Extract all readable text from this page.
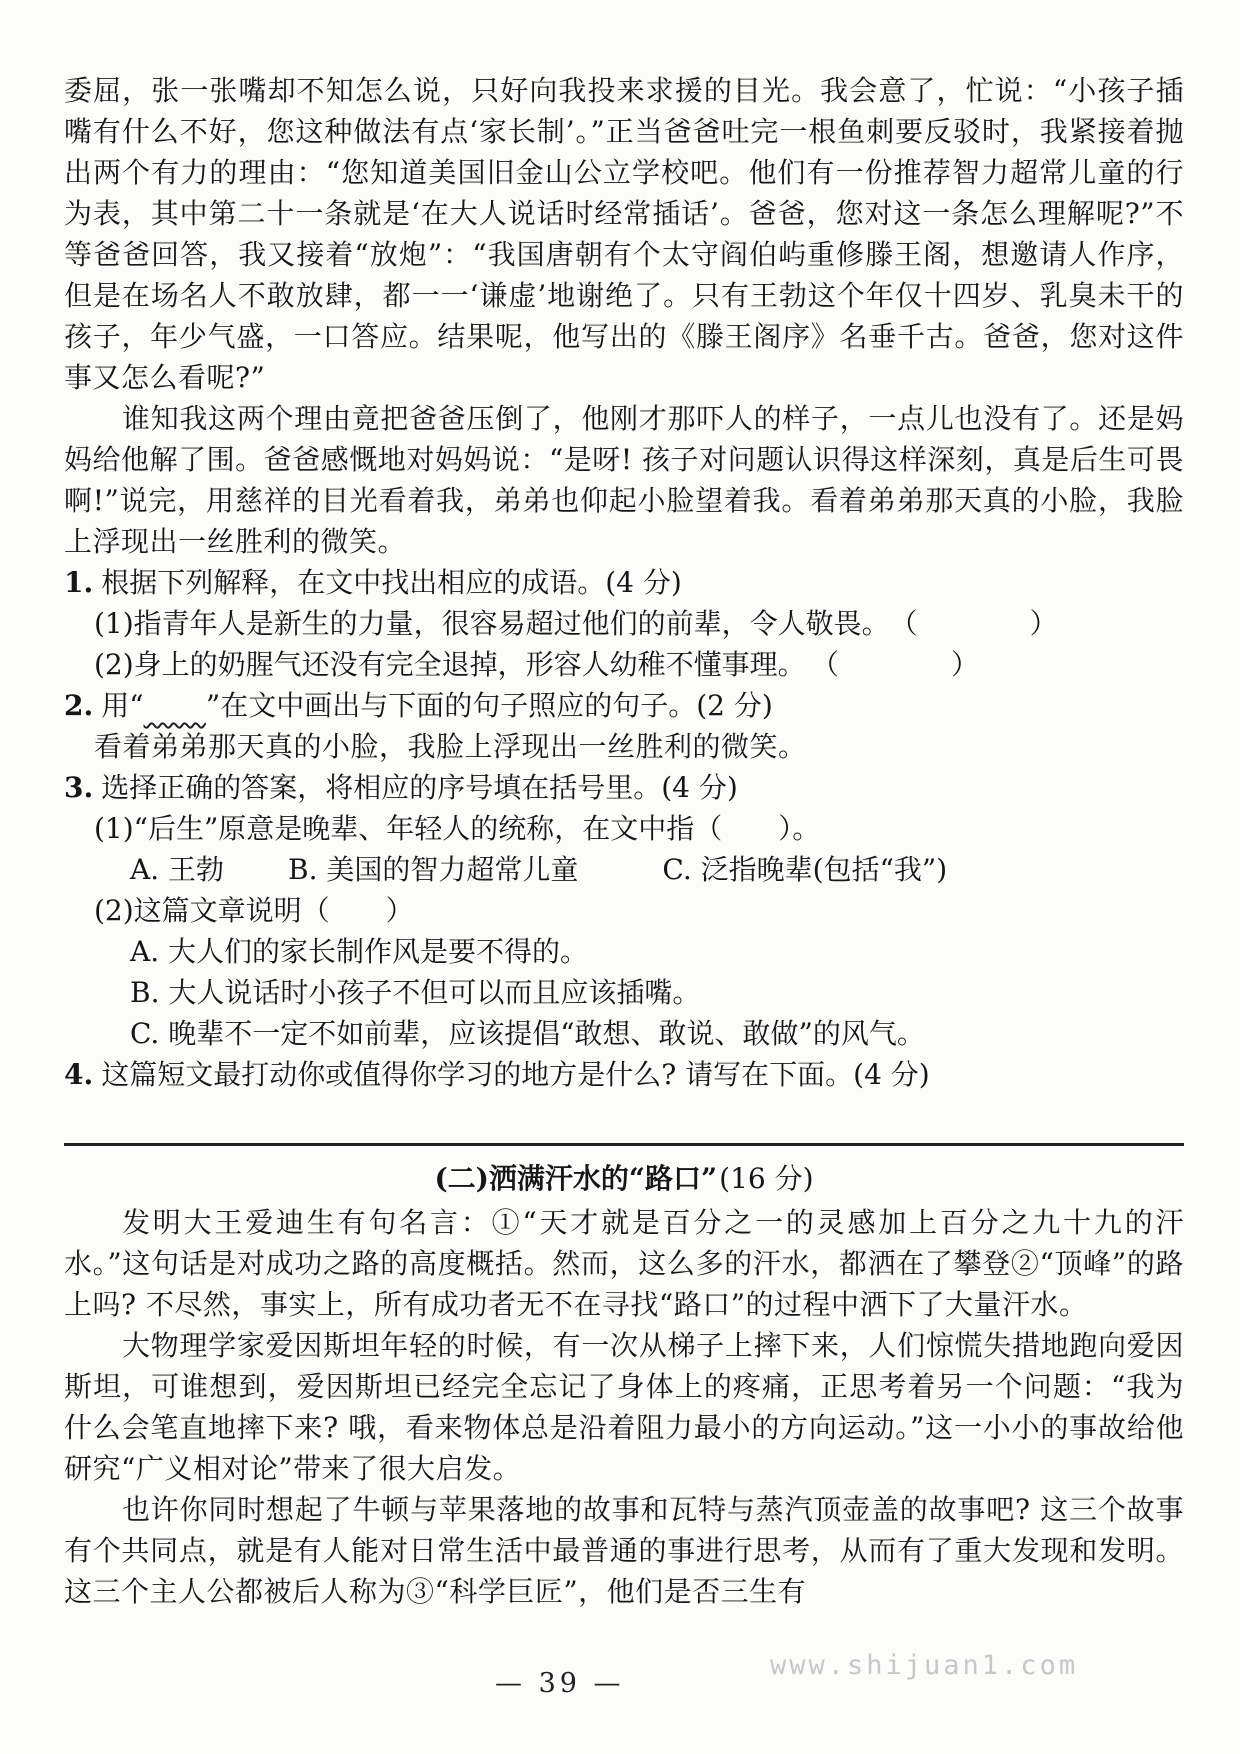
委屈，张一张嘴却不知怎么说，只好向我投来求援的目光。我会意了，忙说：“小孩子插嘴有什么不好，您这种做法有点‘家长制’。”正当爸爸吐完一根鱼刺要反驳时，我紧接着抛出两个有力的理由：“您知道美国旧金山公立学校吧。他们有一份推荐智力超常儿童的行为表，其中第二十一条就是‘在大人说话时经常插话’。爸爸，您对这一条怎么理解呢?”不等爸爸回答，我又接着“放炮”：“我国唐朝有个太守阎伯屿重修滕王阁，想邀请人作序，但是在场名人不敢放肆，都一一‘谦虚’地谢绝了。只有王勃这个年仅十四岁、乳臭未干的孩子，年少气盛，一口答应。结果呢，他写出的《滕王阁序》名垂千古。爸爸，您对这件事又怎么看呢?”

谁知我这两个理由竟把爸爸压倒了，他刚才那吓人的样子，一点儿也没有了。还是妈妈给他解了围。爸爸感慨地对妈妈说：“是呀! 孩子对问题认识得这样深刻，真是后生可畏啊!”说完，用慈祥的目光看着我，弟弟也仰起小脸望着我。看着弟弟那天真的小脸，我脸上浮现出一丝胜利的微笑。

1. 根据下列解释，在文中找出相应的成语。(4 分)
(1)指青年人是新生的力量，很容易超过他们的前辈，令人敬畏。 （　　　　）
(2)身上的奶腥气还没有完全退掉，形容人幼稚不懂事理。 （　　　　）
2. 用“ ”在文中画出与下面的句子照应的句子。(2 分)
看着弟弟那天真的小脸，我脸上浮现出一丝胜利的微笑。
3. 选择正确的答案，将相应的序号填在括号里。(4 分)
(1)“后生”原意是晚辈、年轻人的统称，在文中指（　　）。
A. 王勃 B. 美国的智力超常儿童	C. 泛指晚辈(包括“我”)
(2)这篇文章说明（　　）
A. 大人们的家长制作风是要不得的。
B. 大人说话时小孩子不但可以而且应该插嘴。
C. 晚辈不一定不如前辈，应该提倡“敢想、敢说、敢做”的风气。
4. 这篇短文最打动你或值得你学习的地方是什么? 请写在下面。(4 分)

(二)洒满汗水的“路口”(16 分)

发明大王爱迪生有句名言：①“天才就是百分之一的灵感加上百分之九十九的汗水。”这句话是对成功之路的高度概括。然而，这么多的汗水，都洒在了攀登②“顶峰”的路上吗? 不尽然，事实上，所有成功者无不在寻找“路口”的过程中洒下了大量汗水。

大物理学家爱因斯坦年轻的时候，有一次从梯子上摔下来，人们惊慌失措地跑向爱因斯坦，可谁想到，爱因斯坦已经完全忘记了身体上的疼痛，正思考着另一个问题：“我为什么会笔直地摔下来? 哦，看来物体总是沿着阻力最小的方向运动。”这一小小的事故给他研究“广义相对论”带来了很大启发。

也许你同时想起了牛顿与苹果落地的故事和瓦特与蒸汽顶壶盖的故事吧? 这三个故事有个共同点，就是有人能对日常生活中最普通的事进行思考，从而有了重大发现和发明。这三个主人公都被后人称为③“科学巨匠”，他们是否三生有

www.shijuan1.com
— 39 —
